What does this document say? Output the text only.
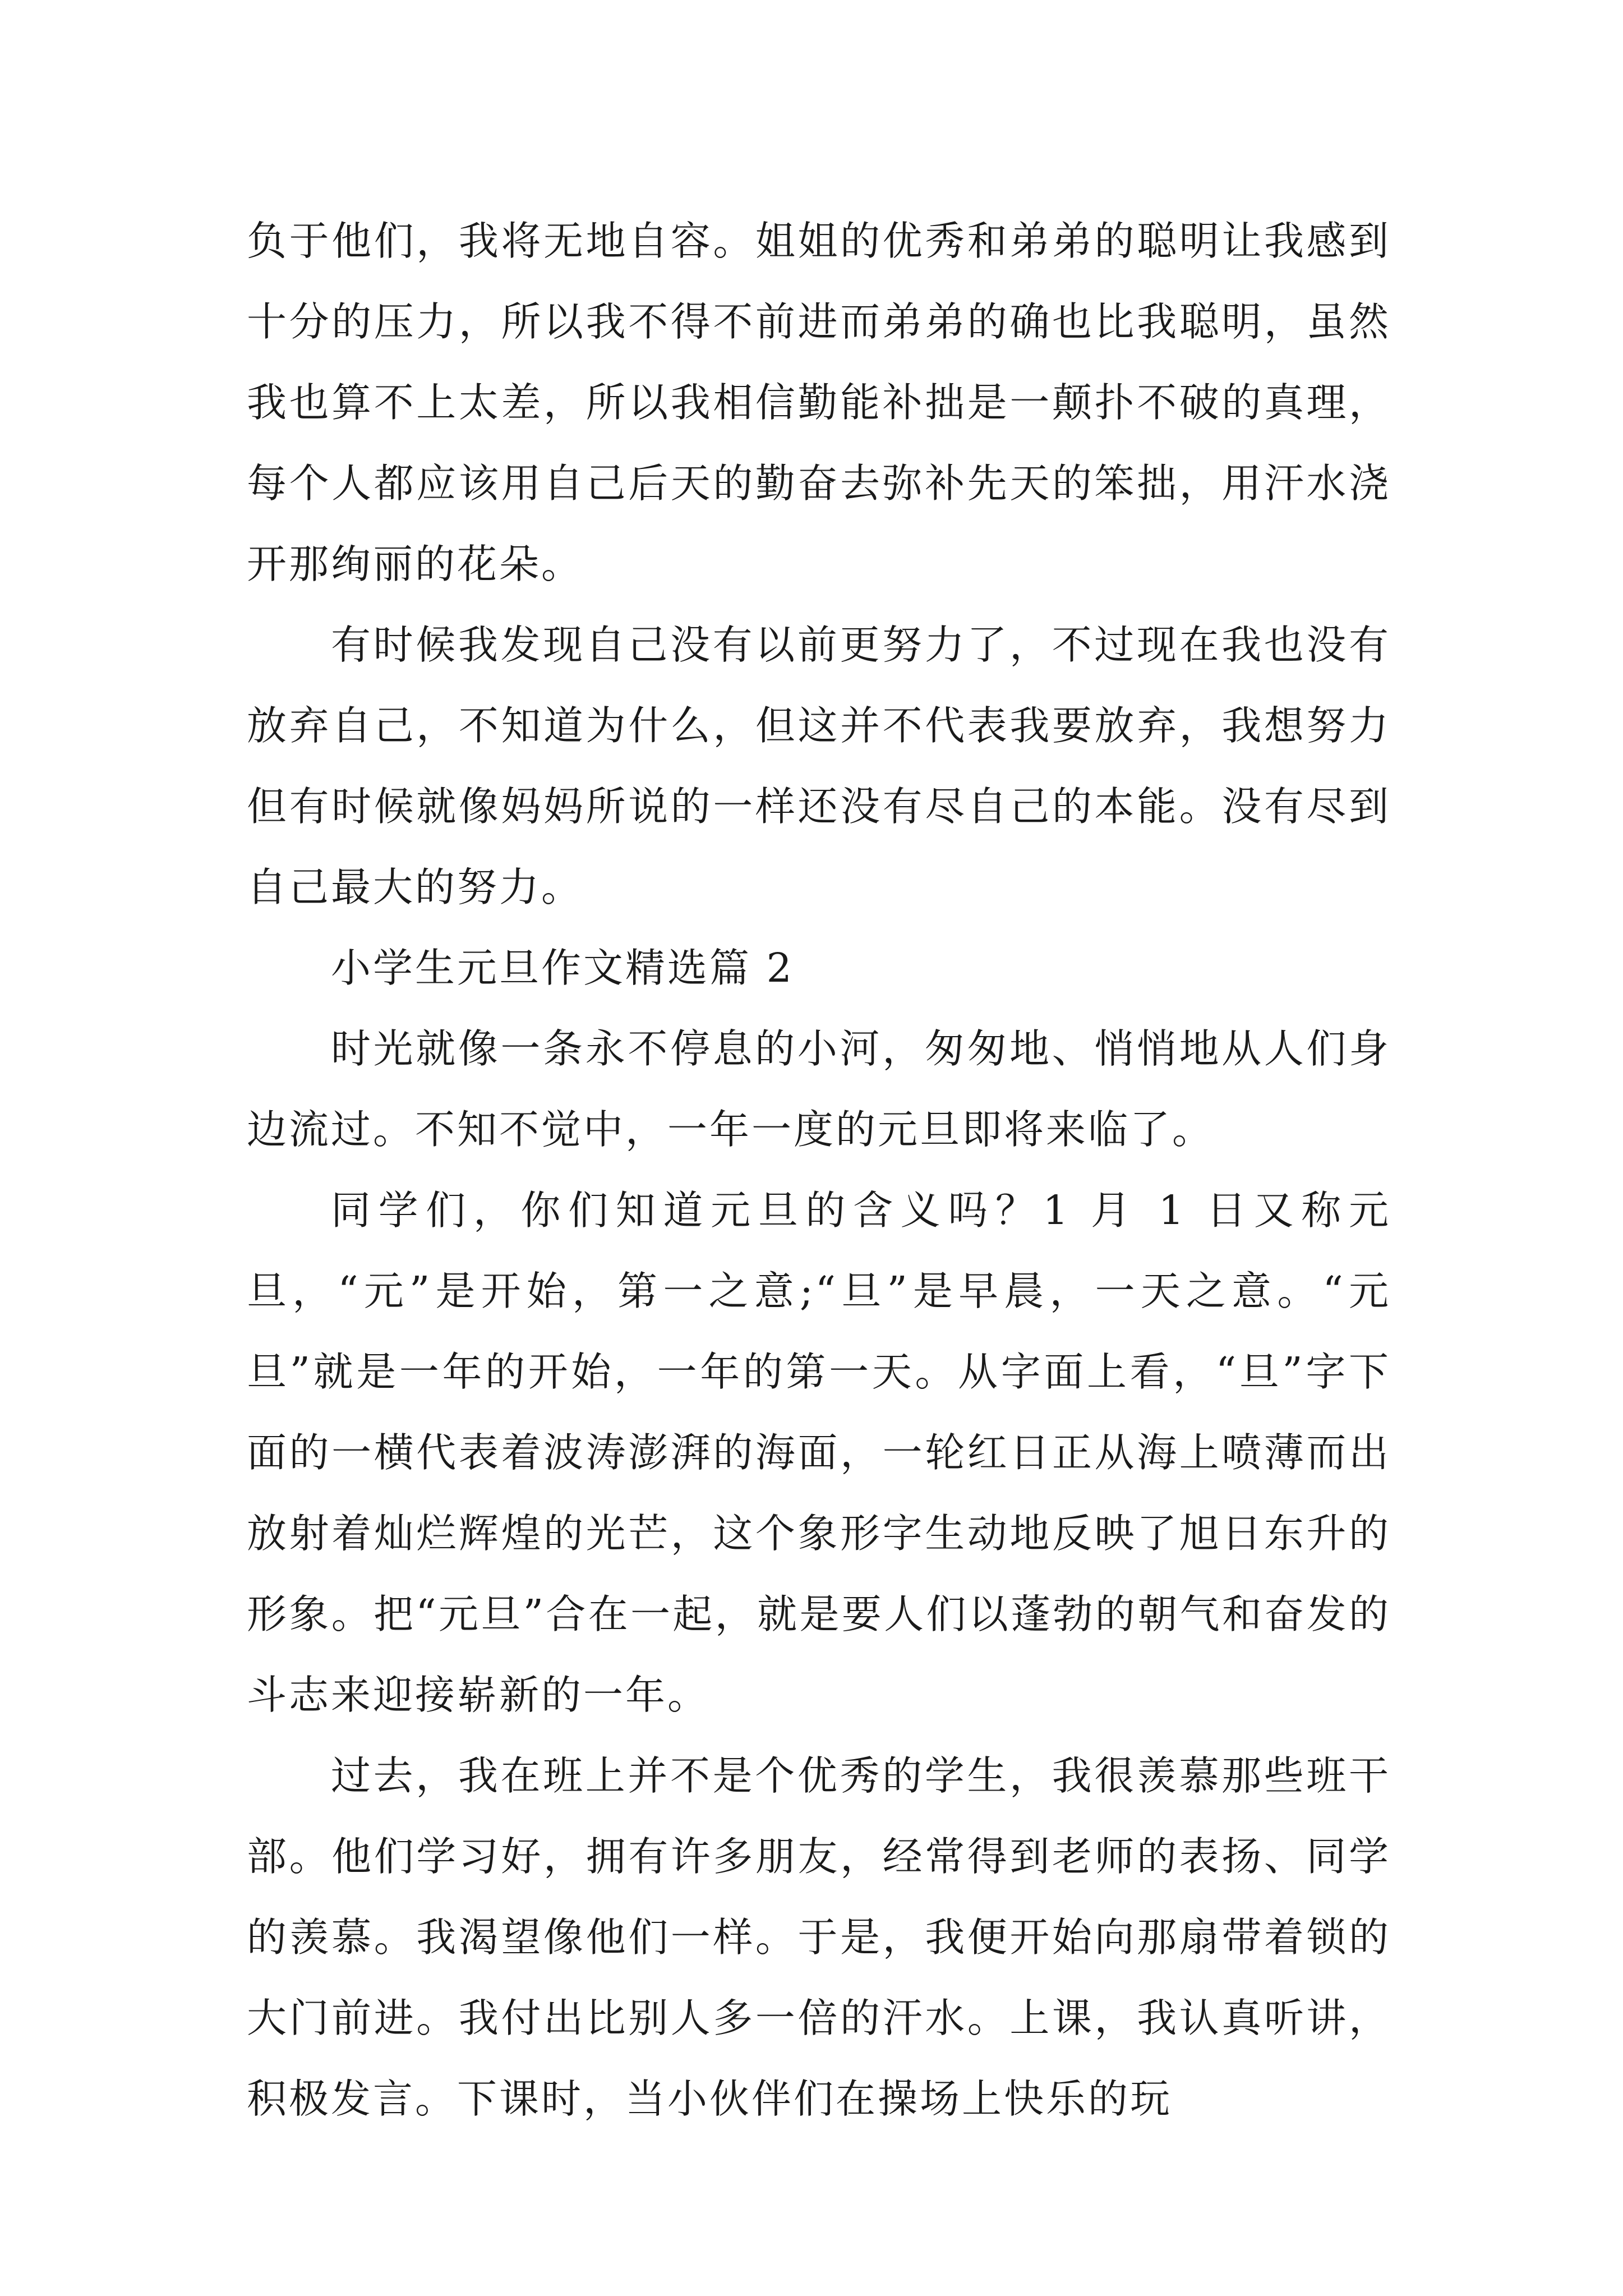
负于他们，我将无地自容。姐姐的优秀和弟弟的聪明让我感到十分的压力，所以我不得不前进而弟弟的确也比我聪明，虽然我也算不上太差，所以我相信勤能补拙是一颠扑不破的真理，每个人都应该用自己后天的勤奋去弥补先天的笨拙，用汗水浇开那绚丽的花朵。

有时候我发现自己没有以前更努力了，不过现在我也没有放弃自己，不知道为什么，但这并不代表我要放弃，我想努力但有时候就像妈妈所说的一样还没有尽自己的本能。没有尽到自己最大的努力。

小学生元旦作文精选篇 2

时光就像一条永不停息的小河，匆匆地、悄悄地从人们身边流过。不知不觉中，一年一度的元旦即将来临了。

同学们，你们知道元旦的含义吗？1 月 1 日又称元旦，“元”是开始，第一之意;“旦”是早晨，一天之意。“元旦”就是一年的开始，一年的第一天。从字面上看，“旦”字下面的一横代表着波涛澎湃的海面，一轮红日正从海上喷薄而出放射着灿烂辉煌的光芒，这个象形字生动地反映了旭日东升的形象。把“元旦”合在一起，就是要人们以蓬勃的朝气和奋发的斗志来迎接崭新的一年。

过去，我在班上并不是个优秀的学生，我很羡慕那些班干部。他们学习好，拥有许多朋友，经常得到老师的表扬、同学的羡慕。我渴望像他们一样。于是，我便开始向那扇带着锁的大门前进。我付出比别人多一倍的汗水。上课，我认真听讲，积极发言。下课时，当小伙伴们在操场上快乐的玩
